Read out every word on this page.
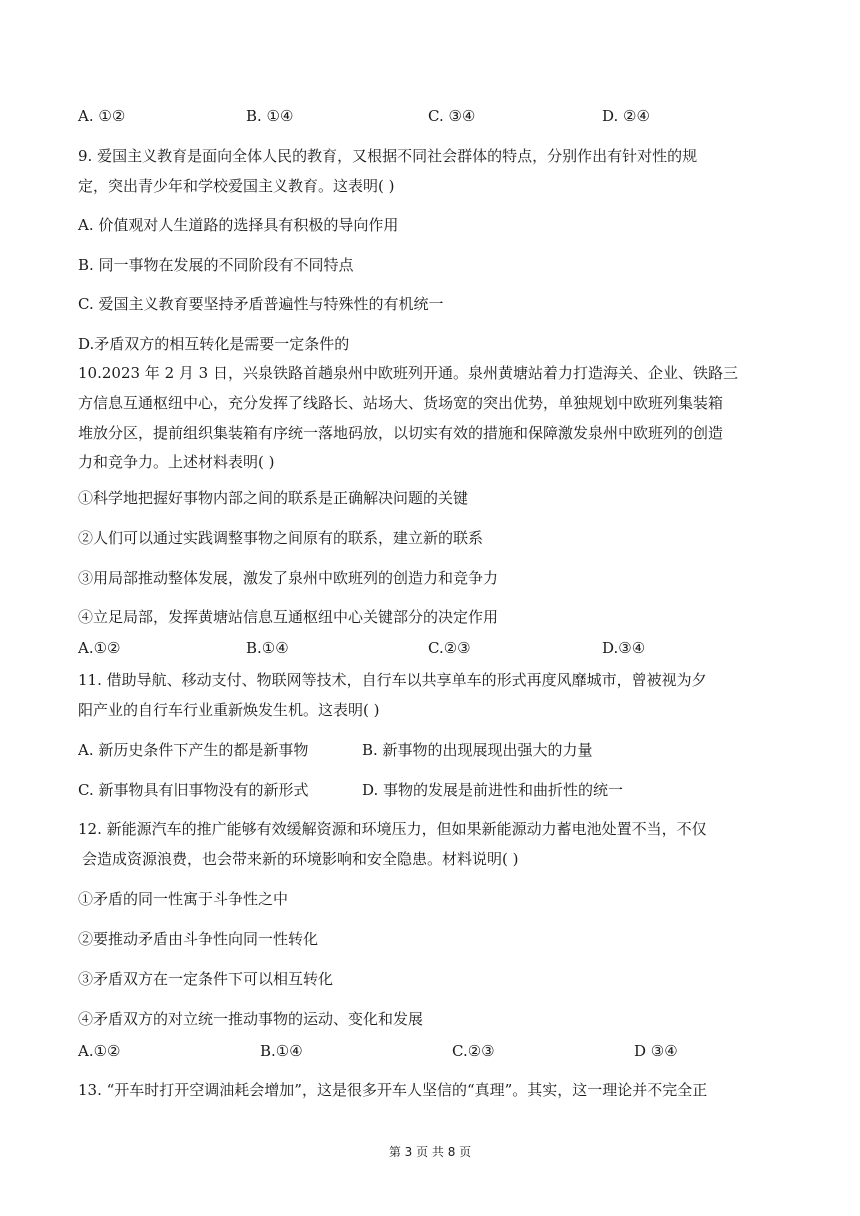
A. ①②	B. ①④	C. ③④	D. ②④
9. 爱国主义教育是面向全体人民的教育，又根据不同社会群体的特点，分别作出有针对性的规
定，突出青少年和学校爱国主义教育。这表明( )
A. 价值观对人生道路的选择具有积极的导向作用
B. 同一事物在发展的不同阶段有不同特点
C. 爱国主义教育要坚持矛盾普遍性与特殊性的有机统一
D.矛盾双方的相互转化是需要一定条件的
10.2023 年 2 月 3 日，兴泉铁路首趟泉州中欧班列开通。泉州黄塘站着力打造海关、企业、铁路三
方信息互通枢纽中心，充分发挥了线路长、站场大、货场宽的突出优势，单独规划中欧班列集装箱
堆放分区，提前组织集装箱有序统一落地码放，以切实有效的措施和保障激发泉州中欧班列的创造
力和竞争力。上述材料表明( )
①科学地把握好事物内部之间的联系是正确解决问题的关键
②人们可以通过实践调整事物之间原有的联系，建立新的联系
③用局部推动整体发展，激发了泉州中欧班列的创造力和竞争力
④立足局部，发挥黄塘站信息互通枢纽中心关键部分的决定作用
A.①②	B.①④	C.②③	D.③④
11. 借助导航、移动支付、物联网等技术，自行车以共享单车的形式再度风靡城市，曾被视为夕
阳产业的自行车行业重新焕发生机。这表明( )
A. 新历史条件下产生的都是新事物	B. 新事物的出现展现出强大的力量
C. 新事物具有旧事物没有的新形式	D. 事物的发展是前进性和曲折性的统一
12. 新能源汽车的推广能够有效缓解资源和环境压力，但如果新能源动力蓄电池处置不当，不仅
会造成资源浪费，也会带来新的环境影响和安全隐患。材料说明( )
①矛盾的同一性寓于斗争性之中
②要推动矛盾由斗争性向同一性转化
③矛盾双方在一定条件下可以相互转化
④矛盾双方的对立统一推动事物的运动、变化和发展
A.①②	B.①④	C.②③	D ③④
13. “开车时打开空调油耗会增加”，这是很多开车人坚信的“真理”。其实，这一理论并不完全正
第 3 页 共 8 页
